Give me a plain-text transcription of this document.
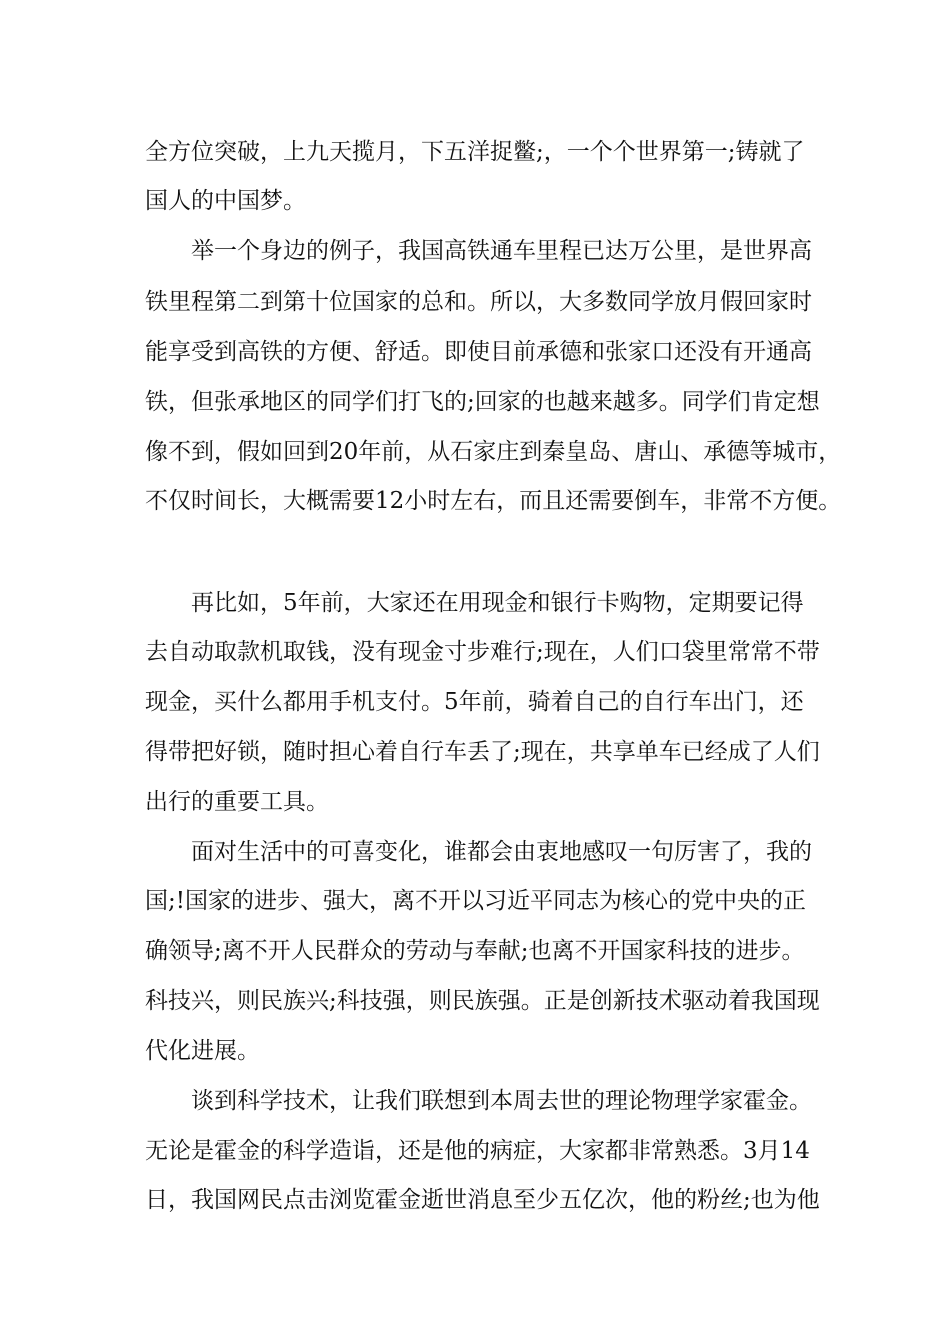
全方位突破，上九天揽月，下五洋捉鳖;，一个个世界第一;铸就了

国人的中国梦。

举一个身边的例子，我国高铁通车里程已达万公里，是世界高

铁里程第二到第十位国家的总和。所以，大多数同学放月假回家时

能享受到高铁的方便、舒适。即使目前承德和张家口还没有开通高

铁，但张承地区的同学们打飞的;回家的也越来越多。同学们肯定想

像不到，假如回到20年前，从石家庄到秦皇岛、唐山、承德等城市，

不仅时间长，大概需要12小时左右，而且还需要倒车，非常不方便。

再比如，5年前，大家还在用现金和银行卡购物，定期要记得

去自动取款机取钱，没有现金寸步难行;现在，人们口袋里常常不带

现金，买什么都用手机支付。5年前，骑着自己的自行车出门，还

得带把好锁，随时担心着自行车丢了;现在，共享单车已经成了人们

出行的重要工具。

面对生活中的可喜变化，谁都会由衷地感叹一句厉害了，我的

国;!国家的进步、强大，离不开以习近平同志为核心的党中央的正

确领导;离不开人民群众的劳动与奉献;也离不开国家科技的进步。

科技兴，则民族兴;科技强，则民族强。正是创新技术驱动着我国现

代化进展。

谈到科学技术，让我们联想到本周去世的理论物理学家霍金。

无论是霍金的科学造诣，还是他的病症，大家都非常熟悉。3月14

日，我国网民点击浏览霍金逝世消息至少五亿次，他的粉丝;也为他
